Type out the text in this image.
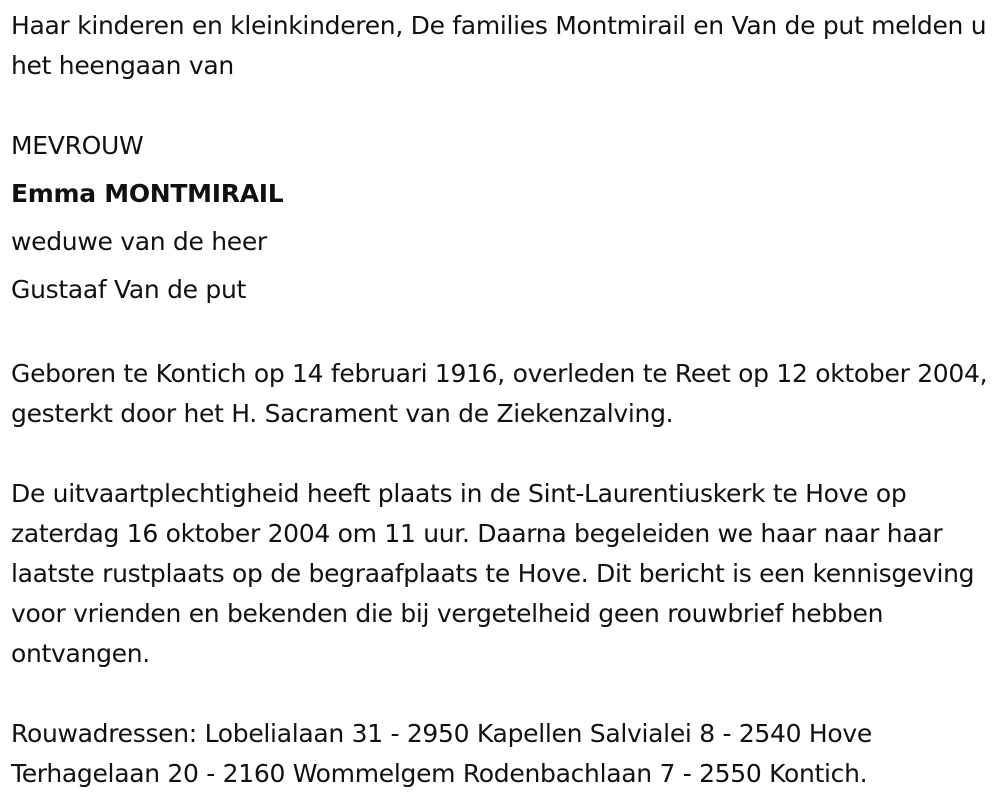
Haar kinderen en kleinkinderen, De families Montmirail en Van de put melden u het heengaan van

MEVROUW
Emma MONTMIRAIL
weduwe van de heer
Gustaaf Van de put

Geboren te Kontich op 14 februari 1916, overleden te Reet op 12 oktober 2004, gesterkt door het H. Sacrament van de Ziekenzalving.

De uitvaartplechtigheid heeft plaats in de Sint-Laurentiuskerk te Hove op zaterdag 16 oktober 2004 om 11 uur. Daarna begeleiden we haar naar haar laatste rustplaats op de begraafplaats te Hove. Dit bericht is een kennisgeving voor vrienden en bekenden die bij vergetelheid geen rouwbrief hebben ontvangen.

Rouwadressen: Lobelialaan 31 - 2950 Kapellen Salvialei 8 - 2540 Hove Terhagelaan 20 - 2160 Wommelgem Rodenbachlaan 7 - 2550 Kontich.
